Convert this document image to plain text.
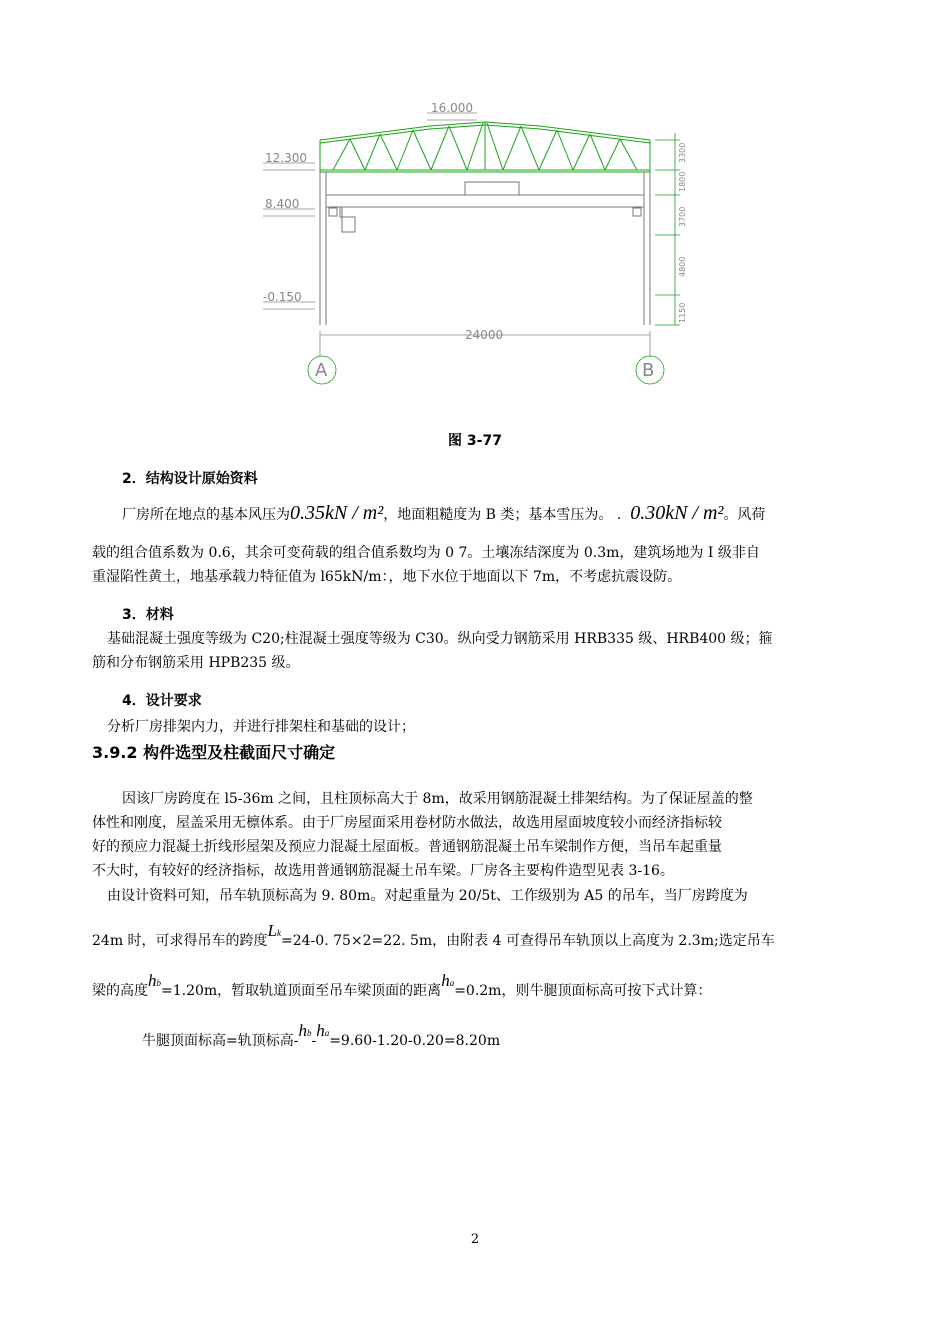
16.000
12.300
8.400
-0.150
24000
A	B
3300
1800
3700
4800
1150
图 3-77
2．结构设计原始资料
厂房所在地点的基本风压为0.35kN / m²，地面粗糙度为 B 类；基本雪压为。 . 0.30kN / m²。风荷
载的组合值系数为 0.6，其余可变荷载的组合值系数均为 0 7。土壤冻结深度为 0.3m，建筑场地为 I 级非自
重湿陷性黄土，地基承载力特征值为 l65kN/m：，地下水位于地面以下 7m，不考虑抗震设防。
3．材料
基础混凝土强度等级为 C20;柱混凝土强度等级为 C30。纵向受力钢筋采用 HRB335 级、HRB400 级；箍
筋和分布钢筋采用 HPB235 级。
4．设计要求
分析厂房排架内力，并进行排架柱和基础的设计；
3.9.2 构件选型及柱截面尺寸确定
因该厂房跨度在 l5-36m 之间，且柱顶标高大于 8m，故采用钢筋混凝土排架结构。为了保证屋盖的整
体性和刚度，屋盖采用无檩体系。由于厂房屋面采用卷材防水做法，故选用屋面坡度较小而经济指标较
好的预应力混凝土折线形屋架及预应力混凝土屋面板。普通钢筋混凝土吊车梁制作方便，当吊车起重量
不大时，有较好的经济指标，故选用普通钢筋混凝土吊车梁。厂房各主要构件造型见表 3-16。
由设计资料可知，吊车轨顶标高为 9. 80m。对起重量为 20/5t、工作级别为 A5 的吊车，当厂房跨度为
24m 时，可求得吊车的跨度Lk=24-0. 75×2=22. 5m，由附表 4 可查得吊车轨顶以上高度为 2.3m;选定吊车
梁的高度hb=1.20m，暂取轨道顶面至吊车梁顶面的距离ha=0.2m，则牛腿顶面标高可按下式计算：
牛腿顶面标高=轨顶标高-hb-ha=9.60-1.20-0.20=8.20m
2
